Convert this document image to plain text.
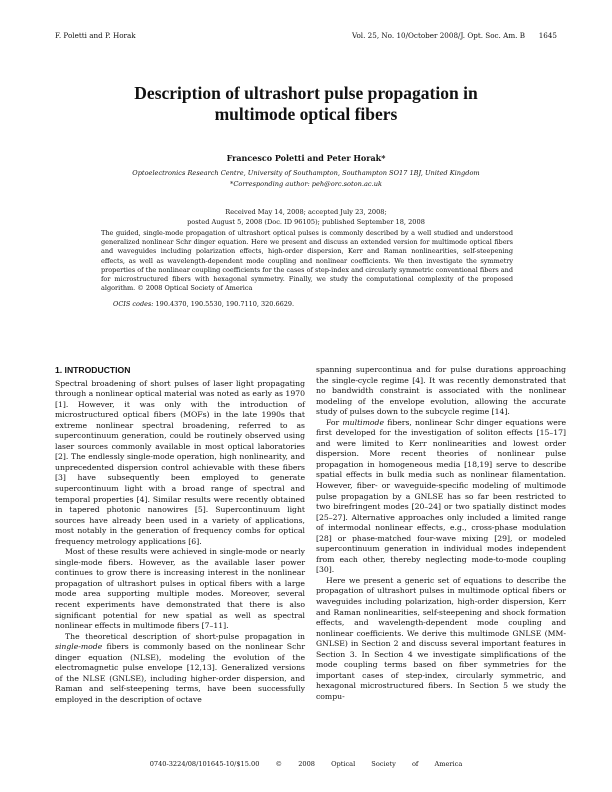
F. Poletti and P. Horak	Vol. 25, No. 10/October 2008/J. Opt. Soc. Am. B      1645
Description of ultrashort pulse propagation in
multimode optical fibers
Francesco Poletti and Peter Horak*
Optoelectronics Research Centre, University of Southampton, Southampton SO17 1BJ, United Kingdom
*Corresponding author: peh@orc.soton.ac.uk
Received May 14, 2008; accepted July 23, 2008;
posted August 5, 2008 (Doc. ID 96105); published September 18, 2008

The guided, single-mode propagation of ultrashort optical pulses is commonly described by a well studied and understood generalized nonlinear Schr dinger equation. Here we present and discuss an extended version for multimode optical fibers and waveguides including polarization effects, high-order dispersion, Kerr and Raman nonlinearities, self-steepening effects, as well as wavelength-dependent mode coupling and nonlinear coefficients. We then investigate the symmetry properties of the nonlinear coupling coefficients for the cases of step-index and circularly symmetric conventional fibers and for microstructured fibers with hexagonal symmetry. Finally, we study the computational complexity of the proposed algorithm. © 2008 Optical Society of America

OCIS codes: 190.4370, 190.5530, 190.7110, 320.6629.
1. INTRODUCTION

Spectral broadening of short pulses of laser light propagating through a nonlinear optical material was noted as early as 1970 [1]. However, it was only with the introduction of microstructured optical fibers (MOFs) in the late 1990s that extreme nonlinear spectral broadening, referred to as supercontinuum generation, could be routinely observed using laser sources commonly available in most optical laboratories [2]. The endlessly single-mode operation, high nonlinearity, and unprecedented dispersion control achievable with these fibers [3] have subsequently been employed to generate supercontinuum light with a broad range of spectral and temporal properties [4]. Similar results were recently obtained in tapered photonic nanowires [5]. Supercontinuum light sources have already been used in a variety of applications, most notably in the generation of frequency combs for optical frequency metrology applications [6].

Most of these results were achieved in single-mode or nearly single-mode fibers. However, as the available laser power continues to grow there is increasing interest in the nonlinear propagation of ultrashort pulses in optical fibers with a large mode area supporting multiple modes. Moreover, several recent experiments have demonstrated that there is also significant potential for new spatial as well as spectral nonlinear effects in multimode fibers [7–11].

The theoretical description of short-pulse propagation in single-mode fibers is commonly based on the nonlinear Schr dinger equation (NLSE), modeling the evolution of the electromagnetic pulse envelope [12,13]. Generalized versions of the NLSE (GNLSE), including higher-order dispersion, and Raman and self-steepening terms, have been successfully employed in the description of octave

spanning supercontinua and for pulse durations approaching the single-cycle regime [4]. It was recently demonstrated that no bandwidth constraint is associated with the nonlinear modeling of the envelope evolution, allowing the accurate study of pulses down to the subcycle regime [14].

For multimode fibers, nonlinear Schr dinger equations were first developed for the investigation of soliton effects [15–17] and were limited to Kerr nonlinearities and lowest order dispersion. More recent theories of nonlinear pulse propagation in homogeneous media [18,19] serve to describe spatial effects in bulk media such as nonlinear filamentation. However, fiber- or waveguide-specific modeling of multimode pulse propagation by a GNLSE has so far been restricted to two birefringent modes [20–24] or two spatially distinct modes [25–27]. Alternative approaches only included a limited range of intermodal nonlinear effects, e.g., cross-phase modulation [28] or phase-matched four-wave mixing [29], or modeled supercontinuum generation in individual modes independent from each other, thereby neglecting mode-to-mode coupling [30].

Here we present a generic set of equations to describe the propagation of ultrashort pulses in multimode optical fibers or waveguides including polarization, high-order dispersion, Kerr and Raman nonlinearities, self-steepening and shock formation effects, and wavelength-dependent mode coupling and nonlinear coefficients. We derive this multimode GNLSE (MM-GNLSE) in Section 2 and discuss several important features in Section 3. In Section 4 we investigate simplifications of the mode coupling terms based on fiber symmetries for the important cases of step-index, circularly symmetric, and hexagonal microstructured fibers. In Section 5 we study the compu-

0740-3224/08/101645-10/$15.00 © 2008 Optical Society of America
